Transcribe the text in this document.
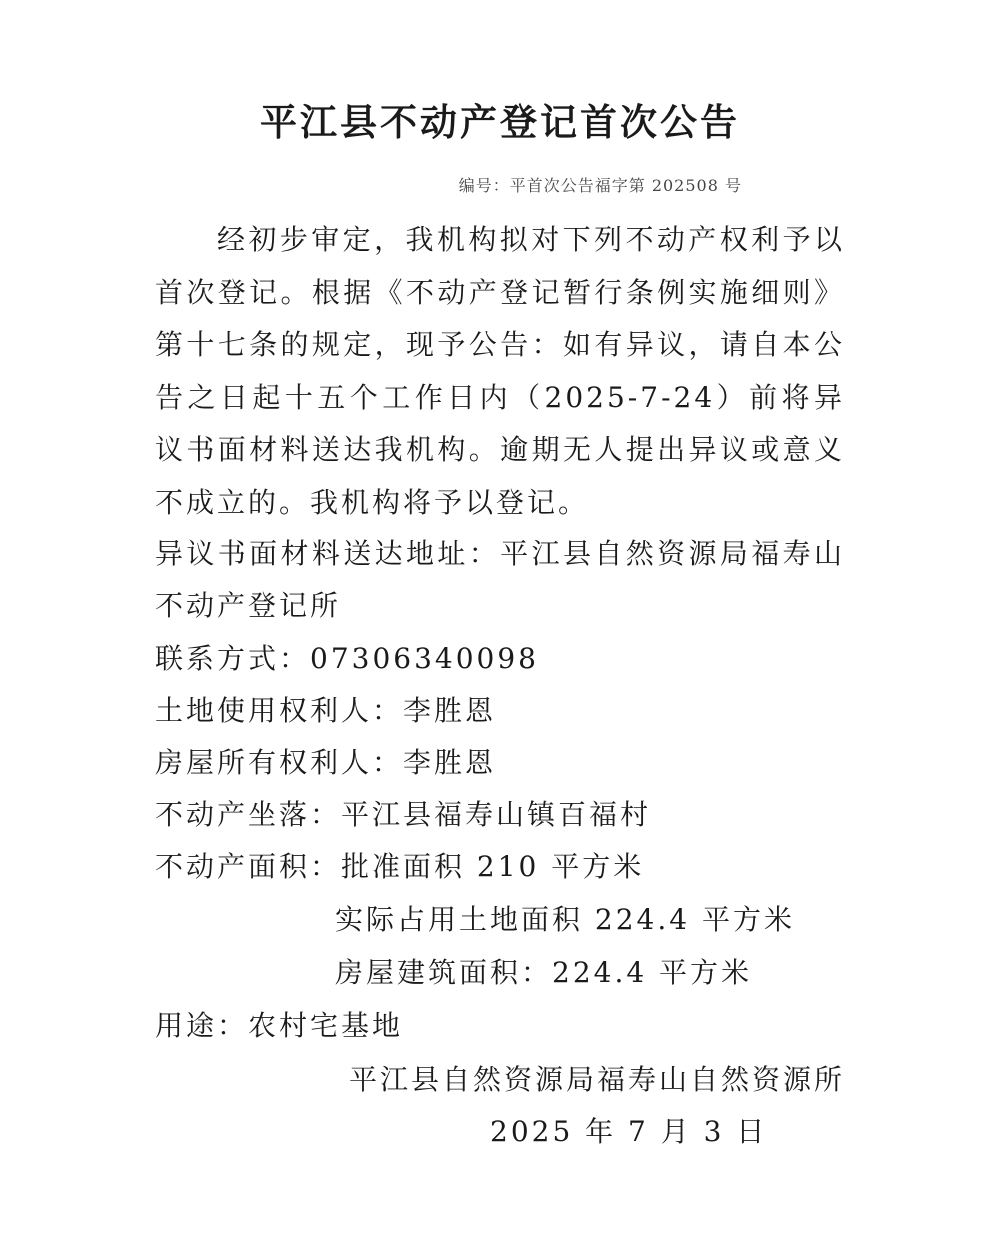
平江县不动产登记首次公告
编号：平首次公告福字第 202508 号
经初步审定，我机构拟对下列不动产权利予以首次登记。根据《不动产登记暂行条例实施细则》第十七条的规定，现予公告：如有异议，请自本公告之日起十五个工作日内（2025-7-24）前将异议书面材料送达我机构。逾期无人提出异议或意义不成立的。我机构将予以登记。
异议书面材料送达地址：平江县自然资源局福寿山不动产登记所
联系方式：07306340098
土地使用权利人：李胜恩
房屋所有权利人：李胜恩
不动产坐落：平江县福寿山镇百福村
不动产面积：批准面积 210 平方米
实际占用土地面积 224.4 平方米
房屋建筑面积：224.4 平方米
用途：农村宅基地
平江县自然资源局福寿山自然资源所
2025 年 7 月 3 日
